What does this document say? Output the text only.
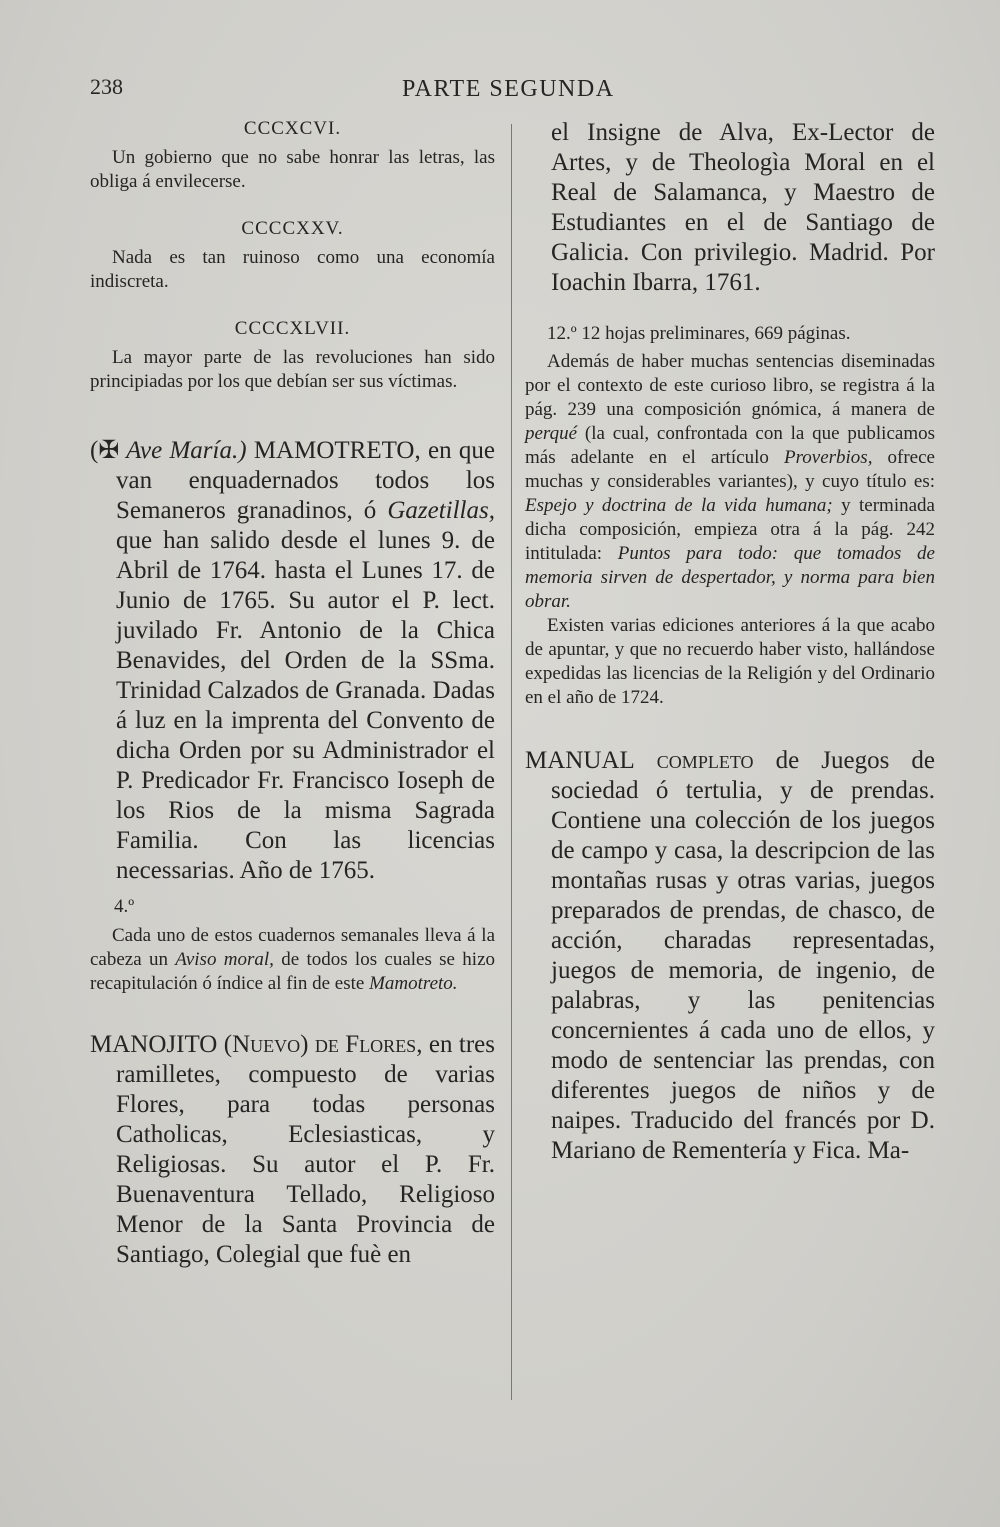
238	PARTE SEGUNDA

CCCXCVI.

Un gobierno que no sabe honrar las letras, las obliga á envilecerse.

CCCCXXV.

Nada es tan ruinoso como una economía indiscreta.

CCCCXLVII.

La mayor parte de las revoluciones han sido principiadas por los que debían ser sus víctimas.

(✠ Ave María.) MAMOTRETO, en que van enquadernados todos los Semaneros granadinos, ó Gazetillas, que han salido desde el lunes 9. de Abril de 1764. hasta el Lunes 17. de Junio de 1765. Su autor el P. lect. juvilado Fr. Antonio de la Chica Benavides, del Orden de la SSma. Trinidad Calzados de Granada. Dadas á luz en la imprenta del Convento de dicha Orden por su Administrador el P. Predicador Fr. Francisco Ioseph de los Rios de la misma Sagrada Familia. Con las licencias necessarias. Año de 1765.

4.º

Cada uno de estos cuadernos semanales lleva á la cabeza un Aviso moral, de todos los cuales se hizo recapitulación ó índice al fin de este Mamotreto.

MANOJITO (Nuevo) de Flores, en tres ramilletes, compuesto de varias Flores, para todas personas Catholicas, Eclesiasticas, y Religiosas. Su autor el P. Fr. Buenaventura Tellado, Religioso Menor de la Santa Provincia de Santiago, Colegial que fuè en

el Insigne de Alva, Ex-Lector de Artes, y de Theologìa Moral en el Real de Salamanca, y Maestro de Estudiantes en el de Santiago de Galicia. Con privilegio. Madrid. Por Ioachin Ibarra, 1761.

12.º 12 hojas preliminares, 669 páginas.

Además de haber muchas sentencias diseminadas por el contexto de este curioso libro, se registra á la pág. 239 una composición gnómica, á manera de perqué (la cual, confrontada con la que publicamos más adelante en el artículo Proverbios, ofrece muchas y considerables variantes), y cuyo título es: Espejo y doctrina de la vida humana; y terminada dicha composición, empieza otra á la pág. 242 intitulada: Puntos para todo: que tomados de memoria sirven de despertador, y norma para bien obrar.

Existen varias ediciones anteriores á la que acabo de apuntar, y que no recuerdo haber visto, hallándose expedidas las licencias de la Religión y del Ordinario en el año de 1724.

MANUAL completo de Juegos de sociedad ó tertulia, y de prendas. Contiene una colección de los juegos de campo y casa, la descripcion de las montañas rusas y otras varias, juegos preparados de prendas, de chasco, de acción, charadas representadas, juegos de memoria, de ingenio, de palabras, y las penitencias concernientes á cada uno de ellos, y modo de sentenciar las prendas, con diferentes juegos de niños y de naipes. Traducido del francés por D. Mariano de Rementería y Fica. Ma-
